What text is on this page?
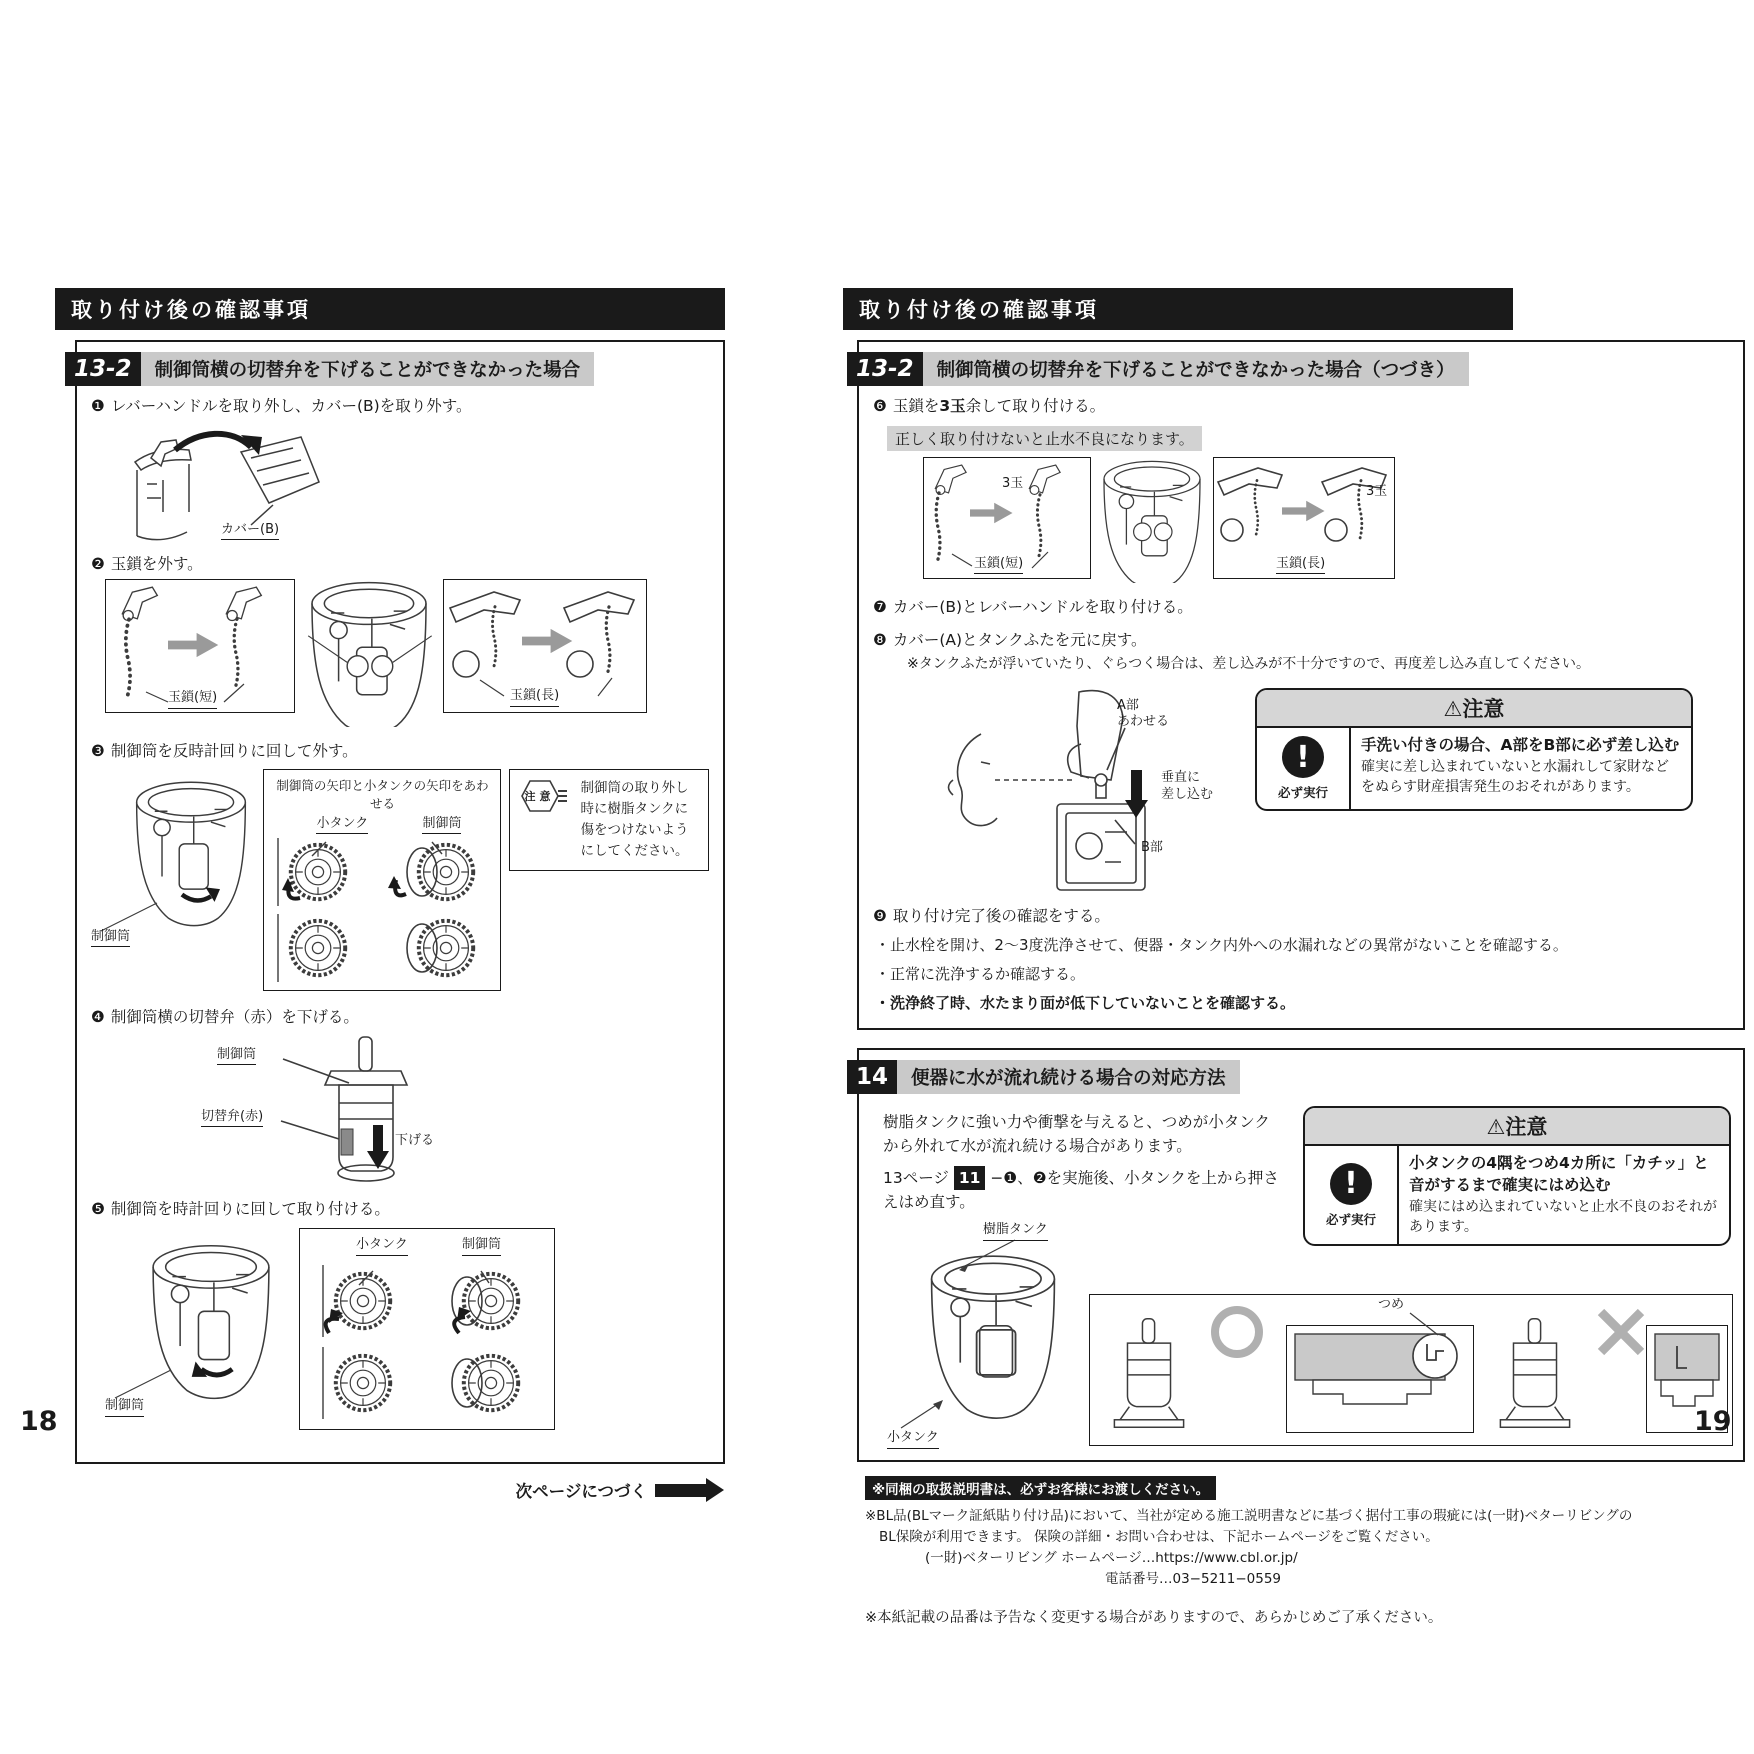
取り付け後の確認事項
13-2	制御筒横の切替弁を下げることができなかった場合
❶ レバーハンドルを取り外し、カバー(B)を取り外す。
カバー(B)
❷ 玉鎖を外す。
玉鎖(短)	玉鎖(長)
❸ 制御筒を反時計回りに回して外す。
制御筒
制御筒の矢印と小タンクの矢印をあわせる
小タンク	制御筒
注意
制御筒の取り外し時に樹脂タンクに傷をつけないようにしてください。
❹ 制御筒横の切替弁（赤）を下げる。
制御筒
切替弁(赤)
下げる
❺ 制御筒を時計回りに回して取り付ける。
制御筒
小タンク	制御筒
次ページにつづく
18
取り付け後の確認事項
13-2	制御筒横の切替弁を下げることができなかった場合（つづき）
❻ 玉鎖を3玉余して取り付ける。
正しく取り付けないと止水不良になります。
3玉
玉鎖(短)
3玉
玉鎖(長)
❼ カバー(B)とレバーハンドルを取り付ける。
❽ カバー(A)とタンクふたを元に戻す。
※タンクふたが浮いていたり、ぐらつく場合は、差し込みが不十分ですので、再度差し込み直してください。
A部
あわせる
垂直に
差し込む
B部
⚠注意
!
必ず実行
手洗い付きの場合、A部をB部に必ず差し込む
確実に差し込まれていないと水漏れして家財などをぬらす財産損害発生のおそれがあります。
❾ 取り付け完了後の確認をする。
・止水栓を開け、2～3度洗浄させて、便器・タンク内外への水漏れなどの異常がないことを確認する。
・正常に洗浄するか確認する。
・洗浄終了時、水たまり面が低下していないことを確認する。
14	便器に水が流れ続ける場合の対応方法
樹脂タンクに強い力や衝撃を与えると、つめが小タンクから外れて水が流れ続ける場合があります。
13ページ 11 −❶、❷を実施後、小タンクを上から押さえはめ直す。
⚠注意
!
必ず実行
小タンクの4隅をつめ4カ所に「カチッ」と音がするまで確実にはめ込む
確実にはめ込まれていないと止水不良のおそれがあります。
樹脂タンク
小タンク
つめ
※同梱の取扱説明書は、必ずお客様にお渡しください。
※BL品(BLマーク証紙貼り付け品)において、当社が定める施工説明書などに基づく据付工事の瑕疵には(一財)ベターリビングの
BL保険が利用できます。 保険の詳細・お問い合わせは、下記ホームページをご覧ください。
(一財)ベターリビング ホームページ…https://www.cbl.or.jp/
電話番号…03−5211−0559
※本紙記載の品番は予告なく変更する場合がありますので、あらかじめご了承ください。
19
